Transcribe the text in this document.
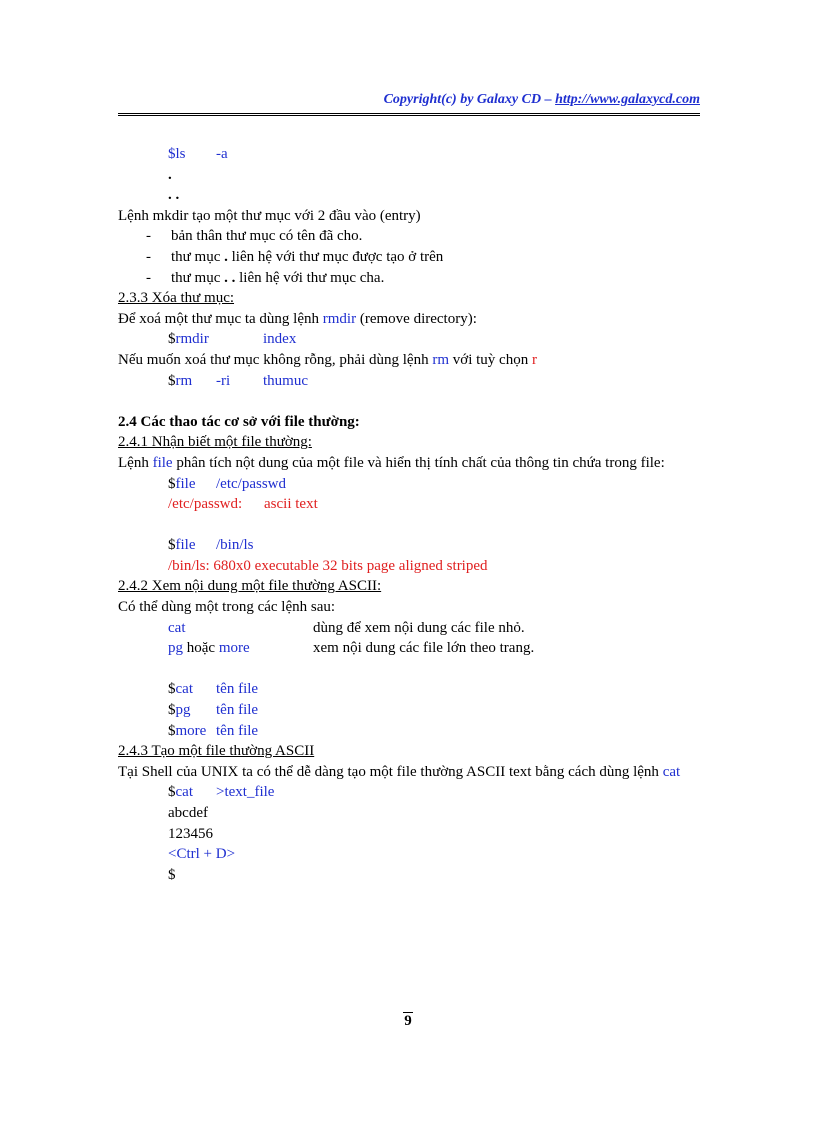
Copyright(c) by Galaxy CD – http://www.galaxycd.com
$ls -a
.
. .
Lệnh mkdir tạo một thư mục với 2 đầu vào (entry)
- bản thân thư mục có tên đã cho.
- thư mục . liên hệ với thư mục được tạo ở trên
- thư mục . . liên hệ với thư mục cha.
2.3.3 Xóa thư mục:
Để xoá một thư mục ta dùng lệnh rmdir (remove directory):
$rmdir	index
Nếu muốn xoá thư mục không rỗng, phải dùng lệnh rm với tuỳ chọn r
$rm -ri thumuc
2.4 Các thao tác cơ sở với file thường:
2.4.1 Nhận biết một file thường:
Lệnh file phân tích nột dung của một file và hiển thị tính chất của thông tin chứa trong file:
$file /etc/passwd
/etc/passwd: ascii text
$file /bin/ls
/bin/ls: 680x0 executable 32 bits page aligned striped
2.4.2 Xem nội dung một file thường ASCII:
Có thể dùng một trong các lệnh sau:
cat	dùng để xem nội dung các file nhỏ.
pg hoặc more	xem nội dung các file lớn theo trang.
$cat tên file
$pg tên file
$more tên file
2.4.3 Tạo một file thường ASCII
Tại Shell của UNIX ta có thể dễ dàng tạo một file thường ASCII text bằng cách dùng lệnh cat
$cat >text_file
abcdef
123456
<Ctrl + D>
$
9
